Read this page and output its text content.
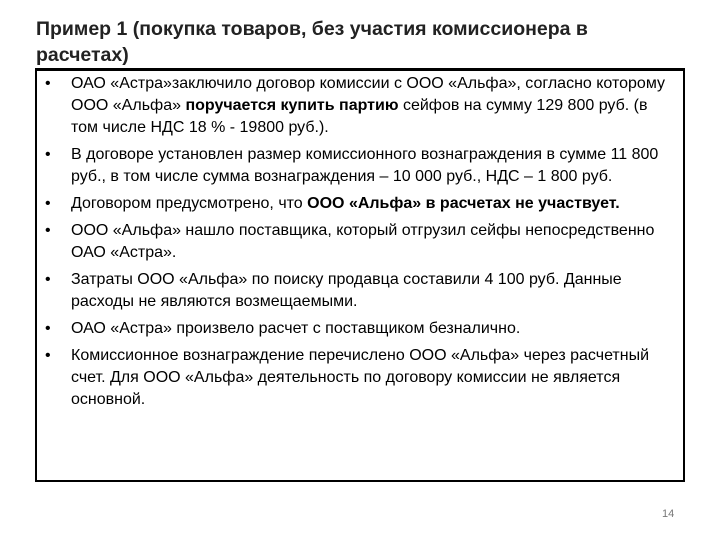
Пример 1 (покупка товаров, без участия комиссионера в расчетах)
• ОАО «Астра»заключило договор комиссии с ООО «Альфа», согласно которому ООО «Альфа» поручается купить партию сейфов на сумму 129 800 руб. (в том числе НДС 18 % - 19800 руб.).
• В договоре установлен размер комиссионного вознаграждения в сумме 11 800 руб., в том числе сумма вознаграждения – 10 000 руб., НДС – 1 800 руб.
• Договором предусмотрено, что ООО «Альфа» в расчетах не участвует.
• ООО «Альфа» нашло поставщика, который отгрузил сейфы непосредственно ОАО «Астра».
• Затраты ООО «Альфа» по поиску продавца составили 4 100 руб. Данные расходы не являются возмещаемыми.
• ОАО «Астра» произвело расчет с поставщиком безналично.
• Комиссионное вознаграждение перечислено ООО «Альфа» через расчетный счет. Для ООО «Альфа» деятельность по договору комиссии не является основной.
14
